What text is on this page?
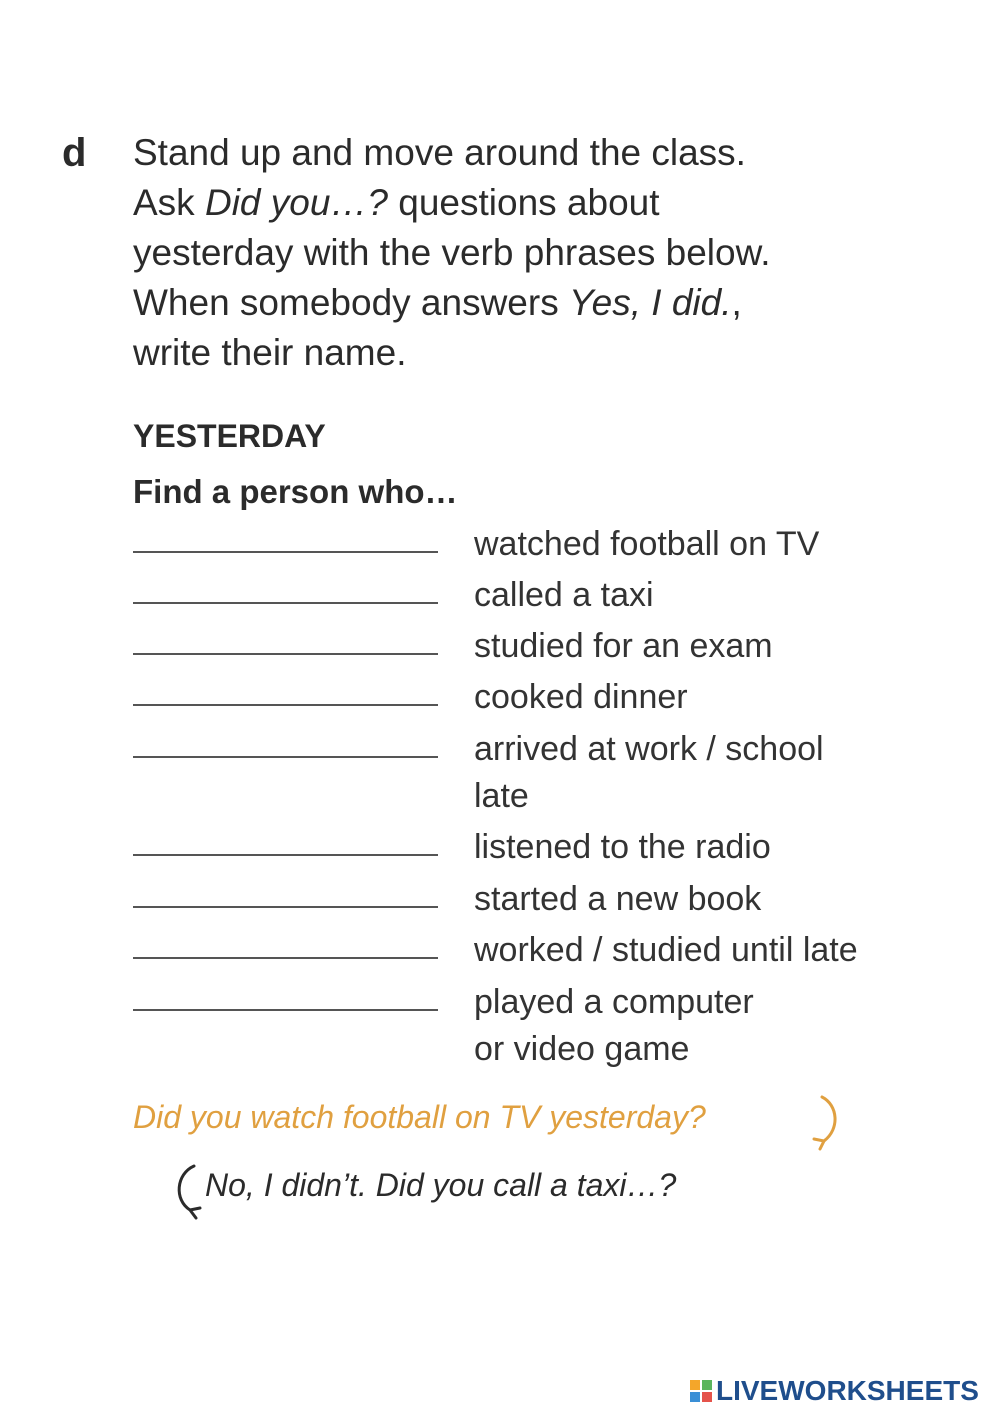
d Stand up and move around the class.
Ask Did you…? questions about
yesterday with the verb phrases below.
When somebody answers Yes, I did.,
write their name.
YESTERDAY
Find a person who…
watched football on TV
called a taxi
studied for an exam
cooked dinner
arrived at work / school
late
listened to the radio
started a new book
worked / studied until late
played a computer
or video game
Did you watch football on TV yesterday?
No, I didn’t. Did you call a taxi…?
LIVEWORKSHEETS
